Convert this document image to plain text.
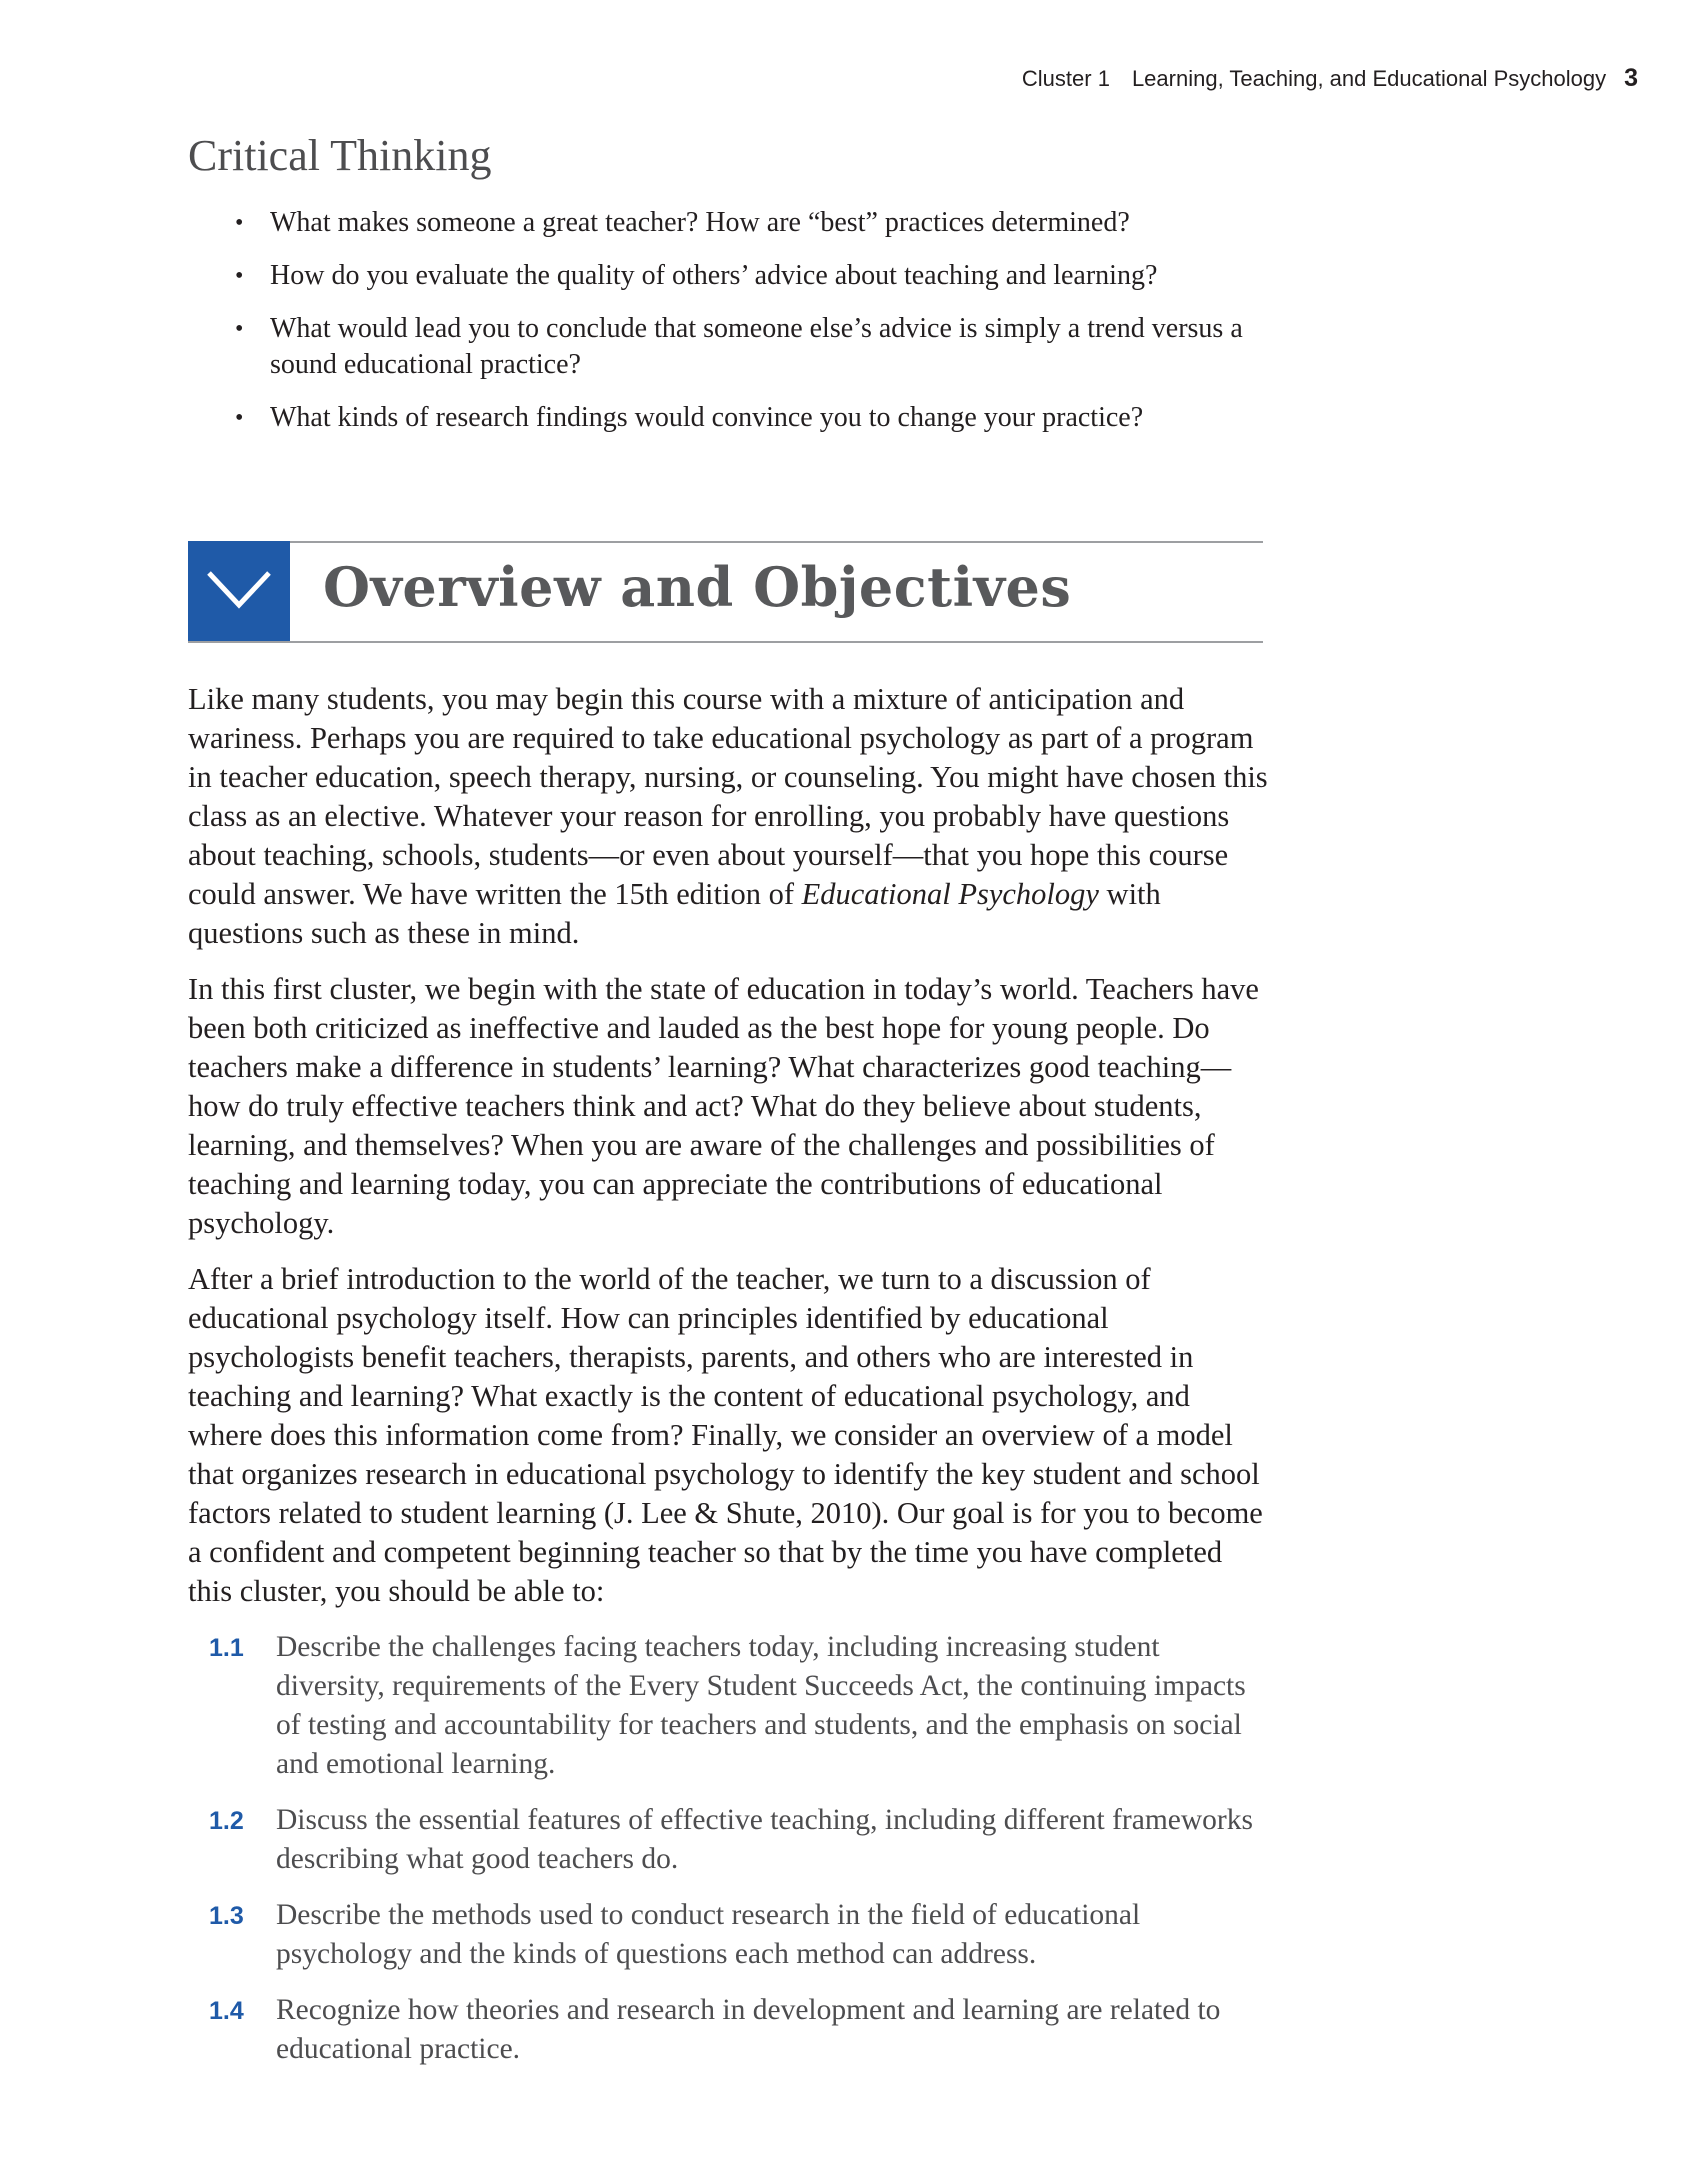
Cluster 1 Learning, Teaching, and Educational Psychology 3
Critical Thinking
• What makes someone a great teacher? How are “best” practices determined?
• How do you evaluate the quality of others’ advice about teaching and learning?
• What would lead you to conclude that someone else’s advice is simply a trend versus a sound educational practice?
• What kinds of research findings would convince you to change your practice?
Overview and Objectives

Like many students, you may begin this course with a mixture of anticipation and wariness. Perhaps you are required to take educational psychology as part of a program in teacher education, speech therapy, nursing, or counseling. You might have chosen this class as an elective. Whatever your reason for enrolling, you probably have questions about teaching, schools, students—or even about yourself—that you hope this course could answer. We have written the 15th edition of Educational Psychology with questions such as these in mind.

In this first cluster, we begin with the state of education in today’s world. Teachers have been both criticized as ineffective and lauded as the best hope for young people. Do teachers make a difference in students’ learning? What characterizes good teaching—how do truly effective teachers think and act? What do they believe about students, learning, and themselves? When you are aware of the challenges and possibilities of teaching and learning today, you can appreciate the contributions of educational psychology.

After a brief introduction to the world of the teacher, we turn to a discussion of educational psychology itself. How can principles identified by educational psychologists benefit teachers, therapists, parents, and others who are interested in teaching and learning? What exactly is the content of educational psychology, and where does this information come from? Finally, we consider an overview of a model that organizes research in educational psychology to identify the key student and school factors related to student learning (J. Lee & Shute, 2010). Our goal is for you to become a confident and competent beginning teacher so that by the time you have completed this cluster, you should be able to:

1.1 Describe the challenges facing teachers today, including increasing student diversity, requirements of the Every Student Succeeds Act, the continuing impacts of testing and accountability for teachers and students, and the emphasis on social and emotional learning.
1.2 Discuss the essential features of effective teaching, including different frameworks describing what good teachers do.
1.3 Describe the methods used to conduct research in the field of educational psychology and the kinds of questions each method can address.
1.4 Recognize how theories and research in development and learning are related to educational practice.
